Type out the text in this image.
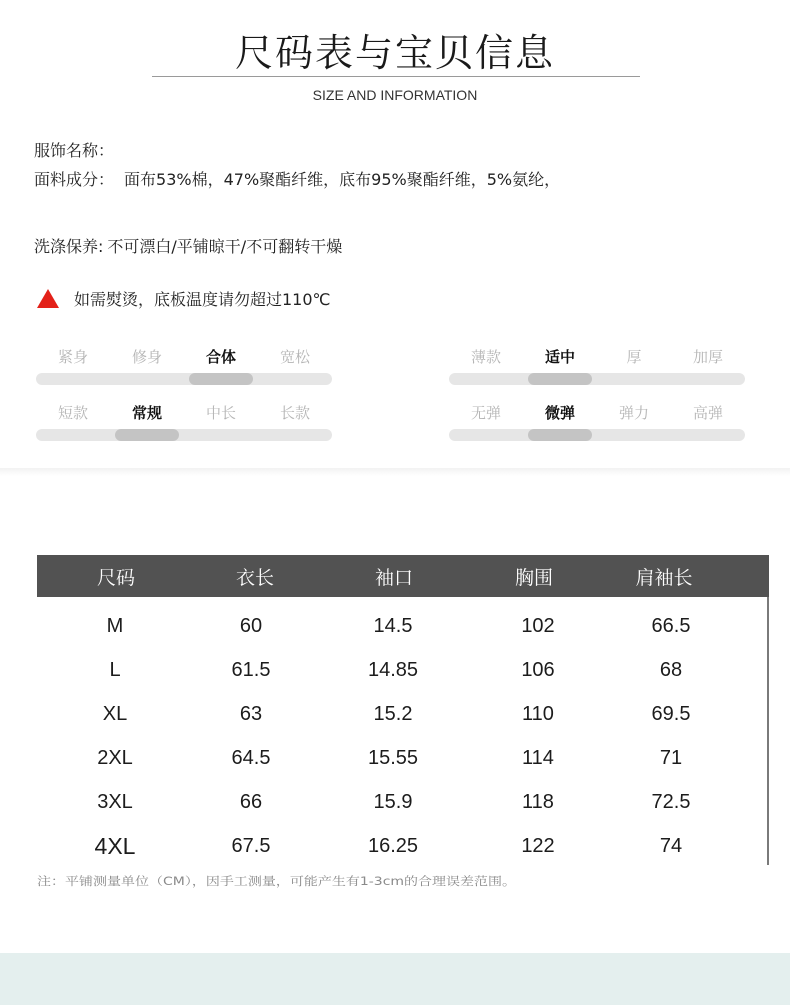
尺码表与宝贝信息
SIZE AND INFORMATION
服饰名称：
面料成分： 面布53%棉，47%聚酯纤维，底布95%聚酯纤维，5%氨纶，
洗涤保养: 不可漂白/平铺晾干/不可翻转干燥
如需熨烫，底板温度请勿超过110℃
紧身	修身	合体	宽松	薄款	适中	厚	加厚
短款	常规	中长	长款	无弹	微弹	弹力	高弹
尺码	衣长	袖口	胸围	肩袖长
M	60	14.5	102	66.5
L	61.5	14.85	106	68
XL	63	15.2	110	69.5
2XL	64.5	15.55	114	71
3XL	66	15.9	118	72.5
4XL	67.5	16.25	122	74
注：平铺测量单位（CM），因手工测量，可能产生有1-3cm的合理误差范围。
